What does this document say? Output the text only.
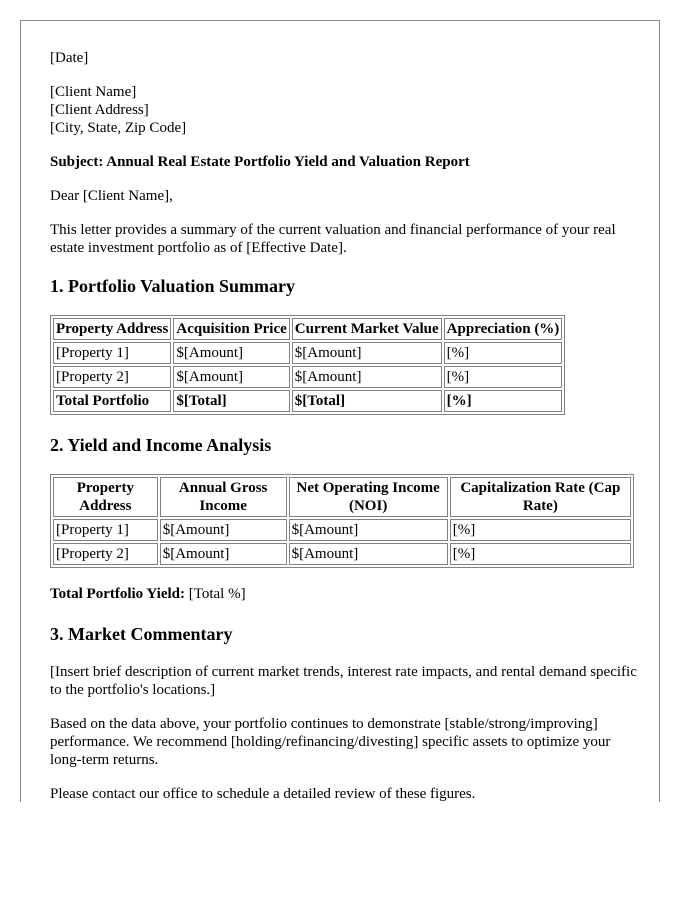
[Date]

[Client Name]

[Client Address]

[City, State, Zip Code]

Subject: Annual Real Estate Portfolio Yield and Valuation Report

Dear [Client Name],

This letter provides a summary of the current valuation and financial performance of your real estate investment portfolio as of [Effective Date].

1. Portfolio Valuation Summary
Property Address	Acquisition Price	Current Market Value	Appreciation (%)
[Property 1]	$[Amount]	$[Amount]	[%]
[Property 2]	$[Amount]	$[Amount]	[%]
Total Portfolio	$[Total]	$[Total]	[%]
2. Yield and Income Analysis
Property Address	Annual Gross Income	Net Operating Income (NOI)	Capitalization Rate (Cap Rate)
[Property 1]	$[Amount]	$[Amount]	[%]
[Property 2]	$[Amount]	$[Amount]	[%]

Total Portfolio Yield: [Total %]

3. Market Commentary

[Insert brief description of current market trends, interest rate impacts, and rental demand specific to the portfolio's locations.]

Based on the data above, your portfolio continues to demonstrate [stable/strong/improving] performance. We recommend [holding/refinancing/divesting] specific assets to optimize your long-term returns.

Please contact our office to schedule a detailed review of these figures.
